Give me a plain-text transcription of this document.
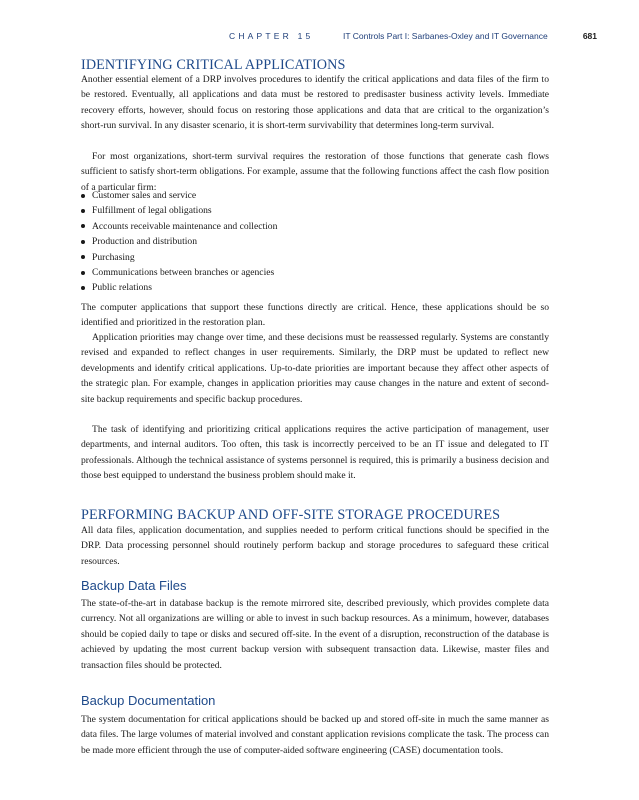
CHAPTER 15	IT Controls Part I: Sarbanes-Oxley and IT Governance	681
IDENTIFYING CRITICAL APPLICATIONS

Another essential element of a DRP involves procedures to identify the critical applications and data files of the firm to be restored. Eventually, all applications and data must be restored to predisaster business activity levels. Immediate recovery efforts, however, should focus on restoring those applications and data that are critical to the organization’s short-run survival. In any disaster scenario, it is short-term survivability that determines long-term survival.

For most organizations, short-term survival requires the restoration of those functions that generate cash flows sufficient to satisfy short-term obligations. For example, assume that the following functions affect the cash flow position of a particular firm:

Customer sales and service
Fulfillment of legal obligations
Accounts receivable maintenance and collection
Production and distribution
Purchasing
Communications between branches or agencies
Public relations

The computer applications that support these functions directly are critical. Hence, these applications should be so identified and prioritized in the restoration plan.

Application priorities may change over time, and these decisions must be reassessed regularly. Systems are constantly revised and expanded to reflect changes in user requirements. Similarly, the DRP must be updated to reflect new developments and identify critical applications. Up-to-date priorities are important because they affect other aspects of the strategic plan. For example, changes in application priorities may cause changes in the nature and extent of second-site backup requirements and specific backup procedures.

The task of identifying and prioritizing critical applications requires the active participation of management, user departments, and internal auditors. Too often, this task is incorrectly perceived to be an IT issue and delegated to IT professionals. Although the technical assistance of systems personnel is required, this is primarily a business decision and those best equipped to understand the business problem should make it.

PERFORMING BACKUP AND OFF-SITE STORAGE PROCEDURES

All data files, application documentation, and supplies needed to perform critical functions should be specified in the DRP. Data processing personnel should routinely perform backup and storage procedures to safeguard these critical resources.

Backup Data Files

The state-of-the-art in database backup is the remote mirrored site, described previously, which provides complete data currency. Not all organizations are willing or able to invest in such backup resources. As a minimum, however, databases should be copied daily to tape or disks and secured off-site. In the event of a disruption, reconstruction of the database is achieved by updating the most current backup version with subsequent transaction data. Likewise, master files and transaction files should be protected.

Backup Documentation

The system documentation for critical applications should be backed up and stored off-site in much the same manner as data files. The large volumes of material involved and constant application revisions complicate the task. The process can be made more efficient through the use of computer-aided software engineering (CASE) documentation tools.
